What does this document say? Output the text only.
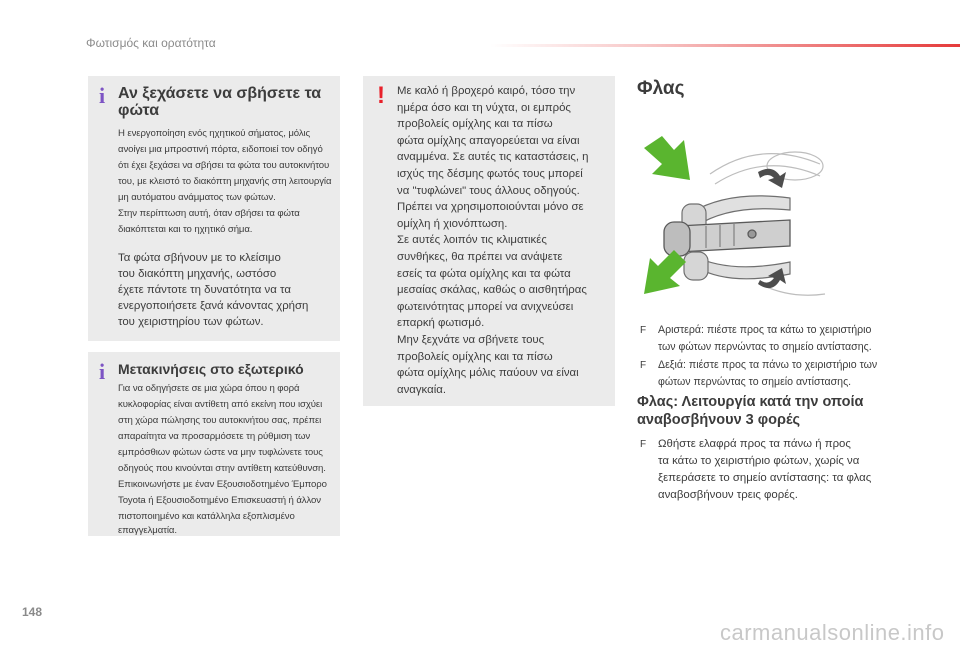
Φωτισμός και ορατότητα
i Αν ξεχάσετε να σβήσετε τα

φώτα

Η ενεργοποίηση ενός ηχητικού σήματος, μόλις

ανοίγει μια μπροστινή πόρτα, ειδοποιεί τον οδηγό

ότι έχει ξεχάσει να σβήσει τα φώτα του αυτοκινήτου

του, με κλειστό το διακόπτη μηχανής στη λειτουργία

μη αυτόματου ανάμματος των φώτων.

Στην περίπτωση αυτή, όταν σβήσει τα φώτα

διακόπτεται και το ηχητικό σήμα.

Τα φώτα σβήνουν με το κλείσιμο

του διακόπτη μηχανής, ωστόσο

έχετε πάντοτε τη δυνατότητα να τα

ενεργοποιήσετε ξανά κάνοντας χρήση

του χειριστηρίου των φώτων.

i Μετακινήσεις στο εξωτερικό

Για να οδηγήσετε σε μια χώρα όπου η φορά

κυκλοφορίας είναι αντίθετη από εκείνη που ισχύει

στη χώρα πώλησης του αυτοκινήτου σας, πρέπει

απαραίτητα να προσαρμόσετε τη ρύθμιση των

εμπρόσθιων φώτων ώστε να μην τυφλώνετε τους

οδηγούς που κινούνται στην αντίθετη κατεύθυνση.

Επικοινωνήστε με έναν Εξουσιοδοτημένο Έμπορο

Toyota ή Εξουσιοδοτημένο Επισκευαστή ή άλλον

πιστοποιημένο και κατάλληλα εξοπλισμένο

επαγγελματία.

! Με καλό ή βροχερό καιρό, τόσο την

ημέρα όσο και τη νύχτα, οι εμπρός

προβολείς ομίχλης και τα πίσω

φώτα ομίχλης απαγορεύεται να είναι

αναμμένα. Σε αυτές τις καταστάσεις, η

ισχύς της δέσμης φωτός τους μπορεί

να "τυφλώνει" τους άλλους οδηγούς.

Πρέπει να χρησιμοποιούνται μόνο σε

ομίχλη ή χιονόπτωση.

Σε αυτές λοιπόν τις κλιματικές

συνθήκες, θα πρέπει να ανάψετε

εσείς τα φώτα ομίχλης και τα φώτα

μεσαίας σκάλας, καθώς ο αισθητήρας

φωτεινότητας μπορεί να ανιχνεύσει

επαρκή φωτισμό.

Μην ξεχνάτε να σβήνετε τους

προβολείς ομίχλης και τα πίσω

φώτα ομίχλης μόλις παύουν να είναι

αναγκαία.

Φλας
F	Αριστερά: πιέστε προς τα κάτω το χειριστήριο
των φώτων περνώντας το σημείο αντίστασης.
F	Δεξιά: πιέστε προς τα πάνω το χειριστήριο των
φώτων περνώντας το σημείο αντίστασης.
Φλας: Λειτουργία κατά την οποία
αναβοσβήνουν 3 φορές
F	Ωθήστε ελαφρά προς τα πάνω ή προς
τα κάτω το χειριστήριο φώτων, χωρίς να
ξεπεράσετε το σημείο αντίστασης: τα φλας
αναβοσβήνουν τρεις φορές.
148
carmanualsonline.info
